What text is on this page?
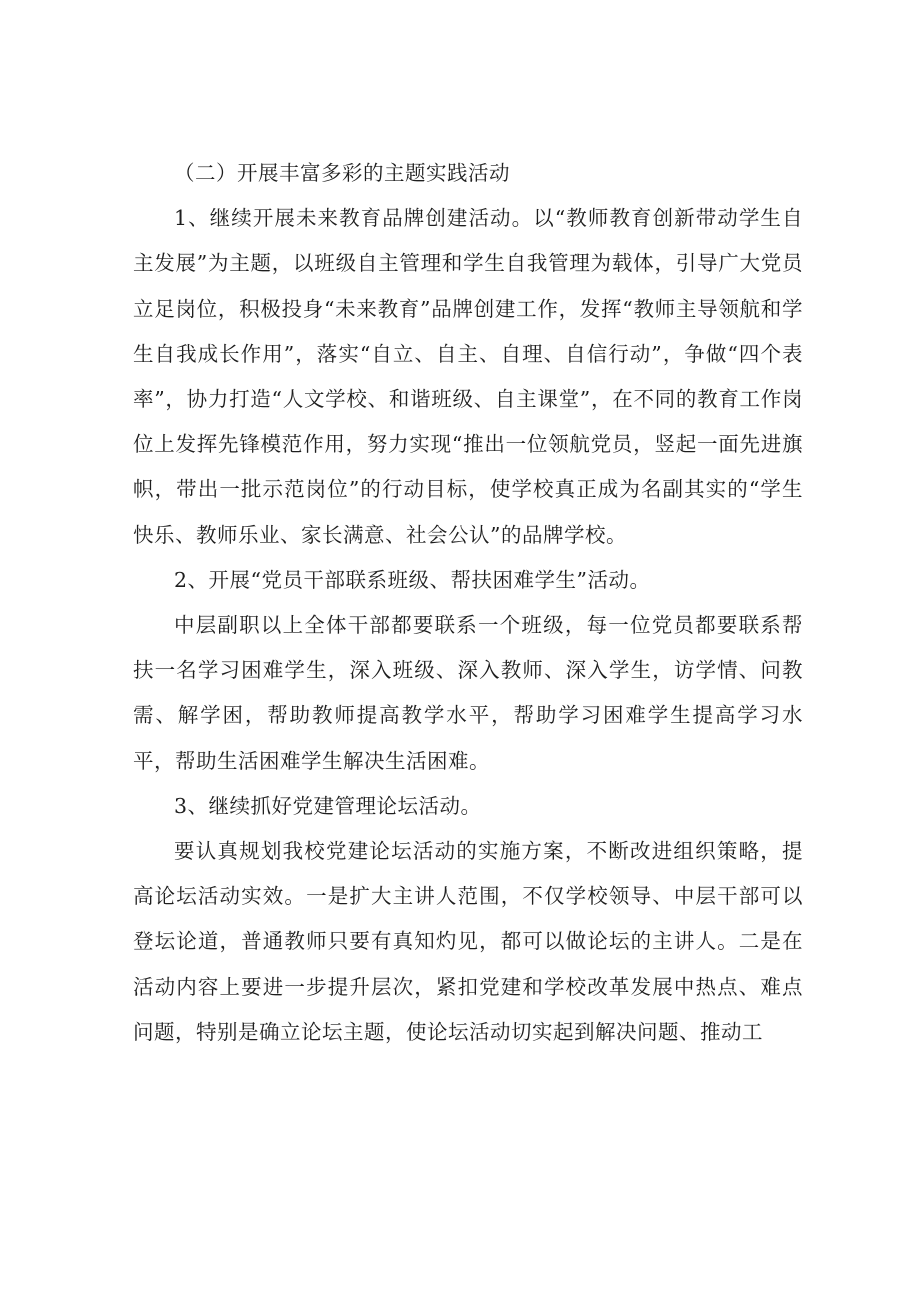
（二）开展丰富多彩的主题实践活动

1、继续开展未来教育品牌创建活动。以“教师教育创新带动学生自主发展”为主题，以班级自主管理和学生自我管理为载体，引导广大党员立足岗位，积极投身“未来教育”品牌创建工作，发挥“教师主导领航和学生自我成长作用”，落实“自立、自主、自理、自信行动”，争做“四个表率”，协力打造“人文学校、和谐班级、自主课堂”，在不同的教育工作岗位上发挥先锋模范作用，努力实现“推出一位领航党员，竖起一面先进旗帜，带出一批示范岗位”的行动目标，使学校真正成为名副其实的“学生快乐、教师乐业、家长满意、社会公认”的品牌学校。

2、开展“党员干部联系班级、帮扶困难学生”活动。

中层副职以上全体干部都要联系一个班级，每一位党员都要联系帮扶一名学习困难学生，深入班级、深入教师、深入学生，访学情、问教需、解学困，帮助教师提高教学水平，帮助学习困难学生提高学习水平，帮助生活困难学生解决生活困难。

3、继续抓好党建管理论坛活动。

要认真规划我校党建论坛活动的实施方案，不断改进组织策略，提高论坛活动实效。一是扩大主讲人范围，不仅学校领导、中层干部可以登坛论道，普通教师只要有真知灼见，都可以做论坛的主讲人。二是在活动内容上要进一步提升层次，紧扣党建和学校改革发展中热点、难点问题，特别是确立论坛主题，使论坛活动切实起到解决问题、推动工
